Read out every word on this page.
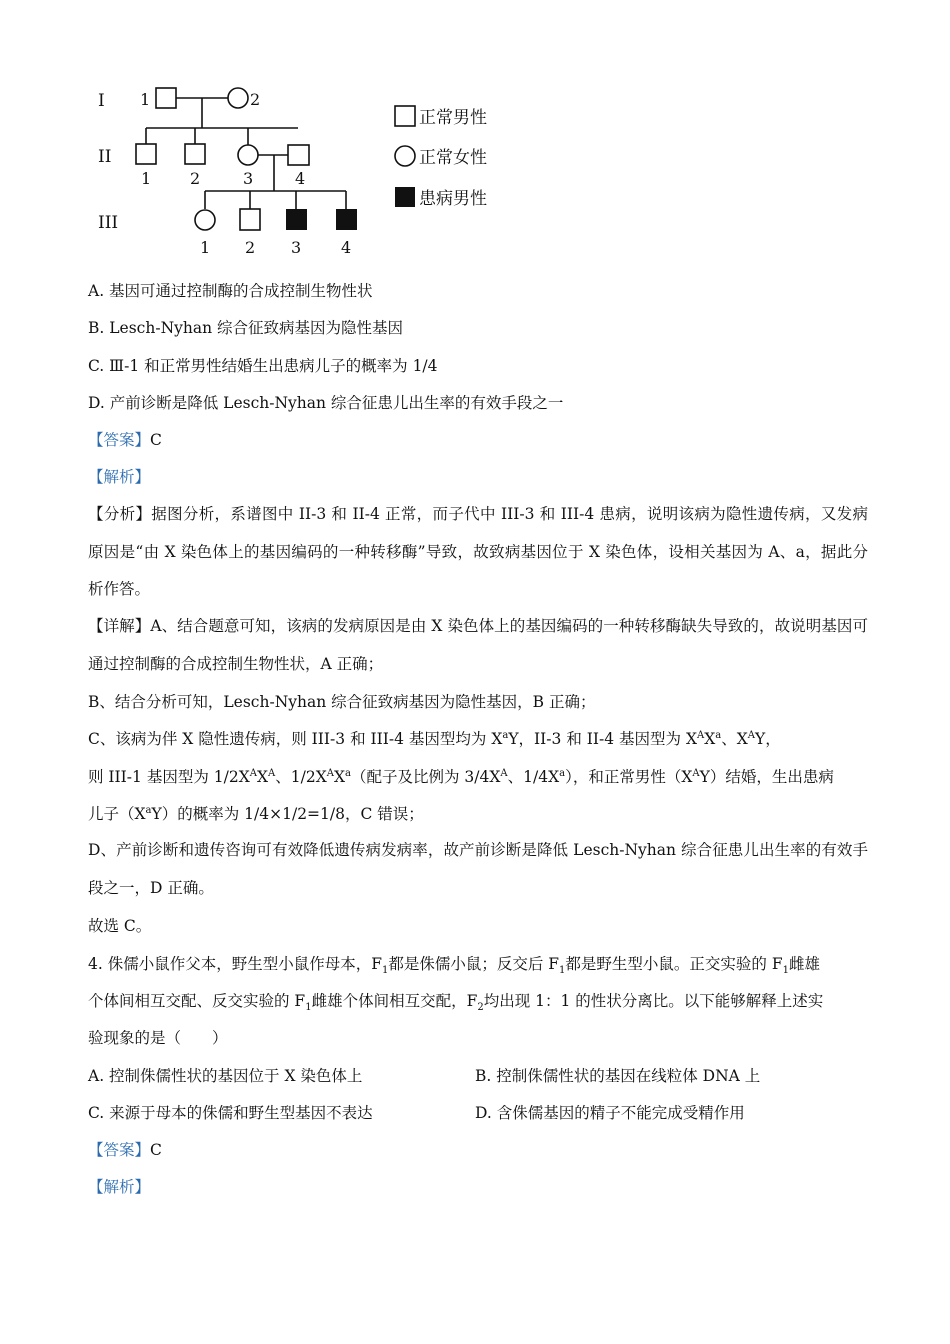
I
II
III
1	2
1 2	3	4
1 2 3 4
正常男性
正常女性
患病男性
A. 基因可通过控制酶的合成控制生物性状
B. Lesch-Nyhan 综合征致病基因为隐性基因
C. Ⅲ-1 和正常男性结婚生出患病儿子的概率为 1/4
D. 产前诊断是降低 Lesch-Nyhan 综合征患儿出生率的有效手段之一
【答案】C
【解析】
【分析】据图分析，系谱图中 II-3 和 II-4 正常，而子代中 III-3 和 III-4 患病，说明该病为隐性遗传病，又发病原因是“由 X 染色体上的基因编码的一种转移酶”导致，故致病基因位于 X 染色体，设相关基因为 A、a，据此分析作答。
【详解】A、结合题意可知，该病的发病原因是由 X 染色体上的基因编码的一种转移酶缺失导致的，故说明基因可通过控制酶的合成控制生物性状，A 正确；
B、结合分析可知，Lesch-Nyhan 综合征致病基因为隐性基因，B 正确；
C、该病为伴 X 隐性遗传病，则 III-3 和 III-4 基因型均为 $X^aY$，II-3 和 II-4 基因型为 $X^AX^a$、$X^AY$，
则 III-1 基因型为 $1/2X^AX^A$、$1/2X^AX^a$（配子及比例为 $3/4X^A$、$1/4X^a$），和正常男性$(X^AY)$结婚，生出患病
儿子$(X^aY)$的概率为 1/4×1/2=1/8，C 错误；
D、产前诊断和遗传咨询可有效降低遗传病发病率，故产前诊断是降低 Lesch-Nyhan 综合征患儿出生率的有效手段之一，D 正确。
故选 C。
4. 侏儒小鼠作父本，野生型小鼠作母本，$F_1$都是侏儒小鼠；反交后 $F_1$都是野生型小鼠。正交实验的 $F_1$雌雄
个体间相互交配、反交实验的 $F_1$雌雄个体间相互交配，$F_2$均出现 1：1 的性状分离比。以下能够解释上述实
验现象的是（　　）
A. 控制侏儒性状的基因位于 X 染色体上	B. 控制侏儒性状的基因在线粒体 DNA 上
C. 来源于母本的侏儒和野生型基因不表达	D. 含侏儒基因的精子不能完成受精作用
【答案】C
【解析】
